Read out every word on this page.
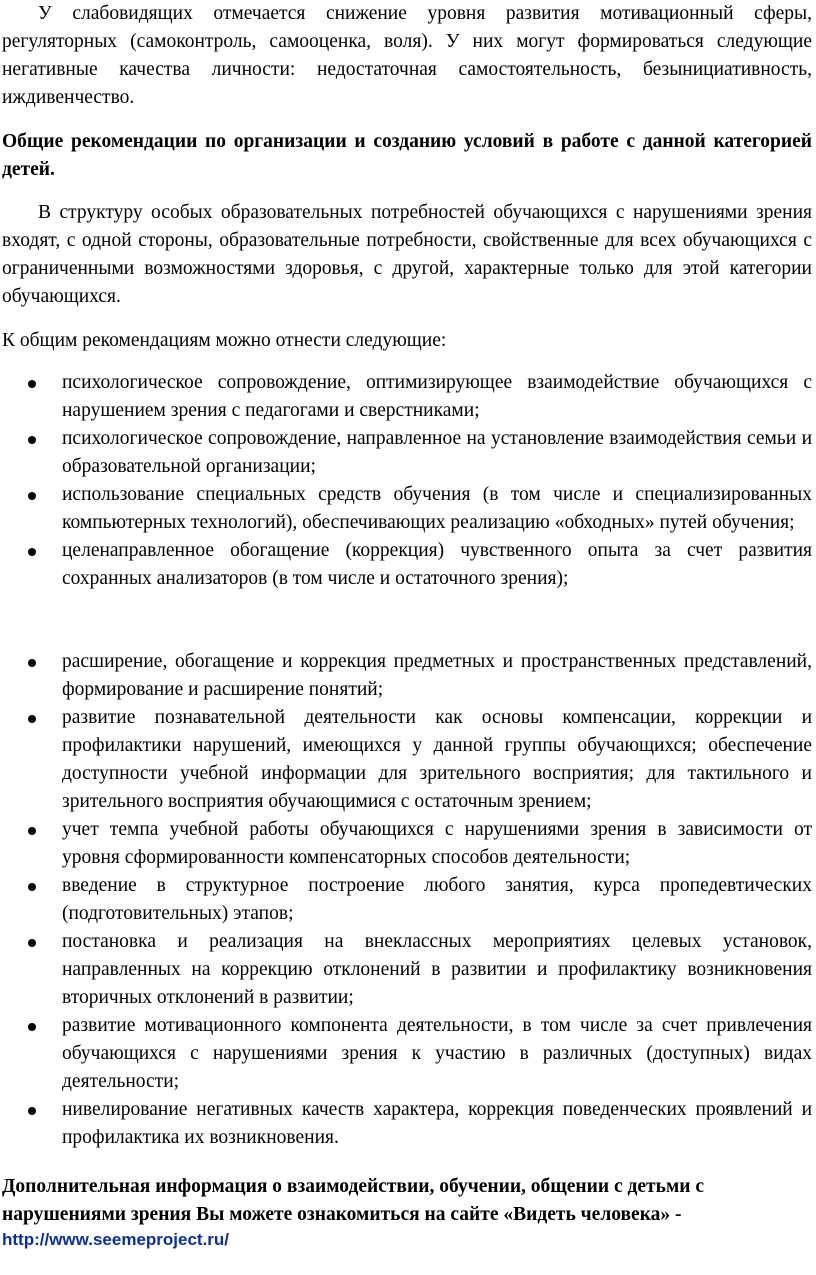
У слабовидящих отмечается снижение уровня развития мотивационный сферы, регуляторных (самоконтроль, самооценка, воля). У них могут формироваться следующие негативные качества личности: недостаточная самостоятельность, безынициативность, иждивенчество.

Общие рекомендации по организации и созданию условий в работе с данной категорией детей.

В структуру особых образовательных потребностей обучающихся с нарушениями зрения входят, с одной стороны, образовательные потребности, свойственные для всех обучающихся с ограниченными возможностями здоровья, с другой, характерные только для этой категории обучающихся.

К общим рекомендациям можно отнести следующие:

психологическое сопровождение, оптимизирующее взаимодействие обучающихся с нарушением зрения с педагогами и сверстниками;
психологическое сопровождение, направленное на установление взаимодействия семьи и образовательной организации;
использование специальных средств обучения (в том числе и специализированных компьютерных технологий), обеспечивающих реализацию «обходных» путей обучения;
целенаправленное обогащение (коррекция) чувственного опыта за счет развития сохранных анализаторов (в том числе и остаточного зрения);
расширение, обогащение и коррекция предметных и пространственных представлений, формирование и расширение понятий;
развитие познавательной деятельности как основы компенсации, коррекции и профилактики нарушений, имеющихся у данной группы обучающихся; обеспечение доступности учебной информации для зрительного восприятия; для тактильного и зрительного восприятия обучающимися с остаточным зрением;
учет темпа учебной работы обучающихся с нарушениями зрения в зависимости от уровня сформированности компенсаторных способов деятельности;
введение в структурное построение любого занятия, курса пропедевтических (подготовительных) этапов;
постановка и реализация на внеклассных мероприятиях целевых установок, направленных на коррекцию отклонений в развитии и профилактику возникновения вторичных отклонений в развитии;
развитие мотивационного компонента деятельности, в том числе за счет привлечения обучающихся с нарушениями зрения к участию в различных (доступных) видах деятельности;
нивелирование негативных качеств характера, коррекция поведенческих проявлений и профилактика их возникновения.

Дополнительная информация о взаимодействии, обучении, общении с детьми с нарушениями зрения Вы можете ознакомиться на сайте «Видеть человека» -

http://www.seemeproject.ru/
